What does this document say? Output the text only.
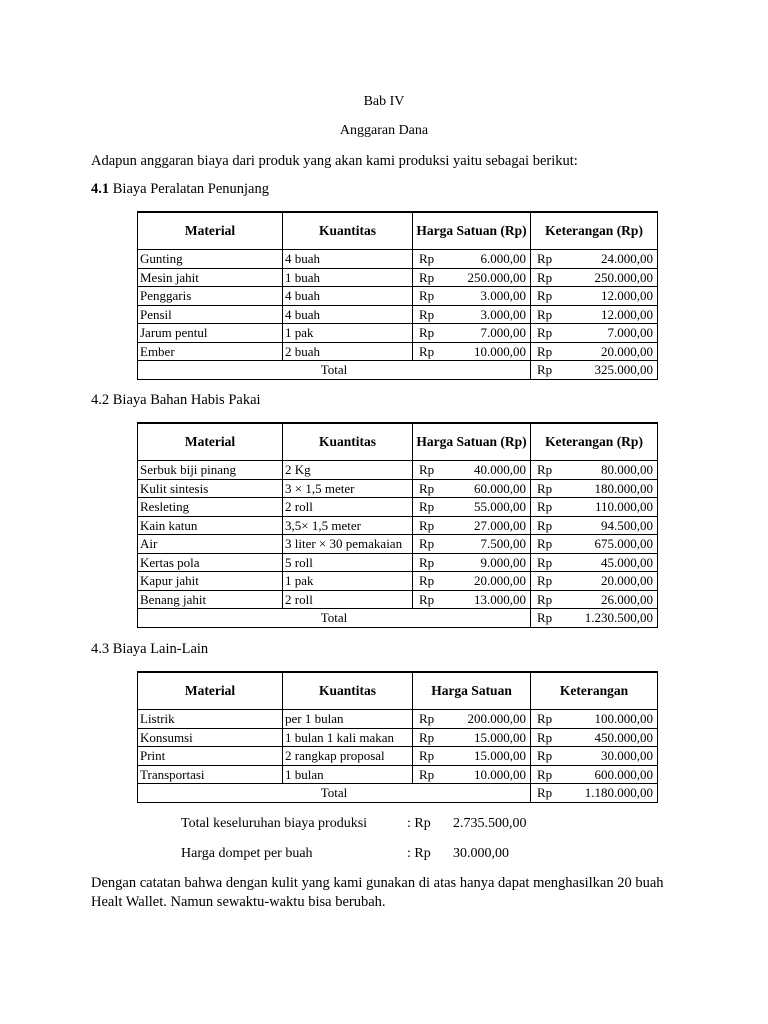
Bab IV
Anggaran Dana
Adapun anggaran biaya dari produk yang akan kami produksi yaitu sebagai berikut:
4.1 Biaya Peralatan Penunjang
Material	Kuantitas	Harga Satuan (Rp)		Keterangan (Rp)	
Gunting	4 buah	Rp	6.000,00	Rp	24.000,00
Mesin jahit	1 buah	Rp	250.000,00	Rp	250.000,00
Penggaris	4 buah	Rp	3.000,00	Rp	12.000,00
Pensil	4 buah	Rp	3.000,00	Rp	12.000,00
Jarum pentul	1 pak	Rp	7.000,00	Rp	7.000,00
Ember	2 buah	Rp	10.000,00	Rp	20.000,00
Total				Rp	325.000,00
4.2 Biaya Bahan Habis Pakai
Material	Kuantitas	Harga Satuan (Rp)		Keterangan (Rp)	
Serbuk biji pinang	2 Kg	Rp	40.000,00	Rp	80.000,00
Kulit sintesis	3 × 1,5 meter	Rp	60.000,00	Rp	180.000,00
Resleting	2 roll	Rp	55.000,00	Rp	110.000,00
Kain katun	3,5× 1,5 meter	Rp	27.000,00	Rp	94.500,00
Air	3 liter × 30 pemakaian	Rp	7.500,00	Rp	675.000,00
Kertas pola	5 roll	Rp	9.000,00	Rp	45.000,00
Kapur jahit	1 pak	Rp	20.000,00	Rp	20.000,00
Benang jahit	2 roll	Rp	13.000,00	Rp	26.000,00
Total				Rp	1.230.500,00
4.3 Biaya Lain-Lain
Material	Kuantitas	Harga Satuan		Keterangan	
Listrik	per 1 bulan	Rp	200.000,00	Rp	100.000,00
Konsumsi	1 bulan 1 kali makan	Rp	15.000,00	Rp	450.000,00
Print	2 rangkap proposal	Rp	15.000,00	Rp	30.000,00
Transportasi	1 bulan	Rp	10.000,00	Rp	600.000,00
Total				Rp	1.180.000,00
Total keseluruhan biaya produksi	: Rp 2.735.500,00
Harga dompet per buah	: Rp 30.000,00
Dengan catatan bahwa dengan kulit yang kami gunakan di atas hanya dapat menghasilkan 20 buah Healt Wallet. Namun sewaktu-waktu bisa berubah.
